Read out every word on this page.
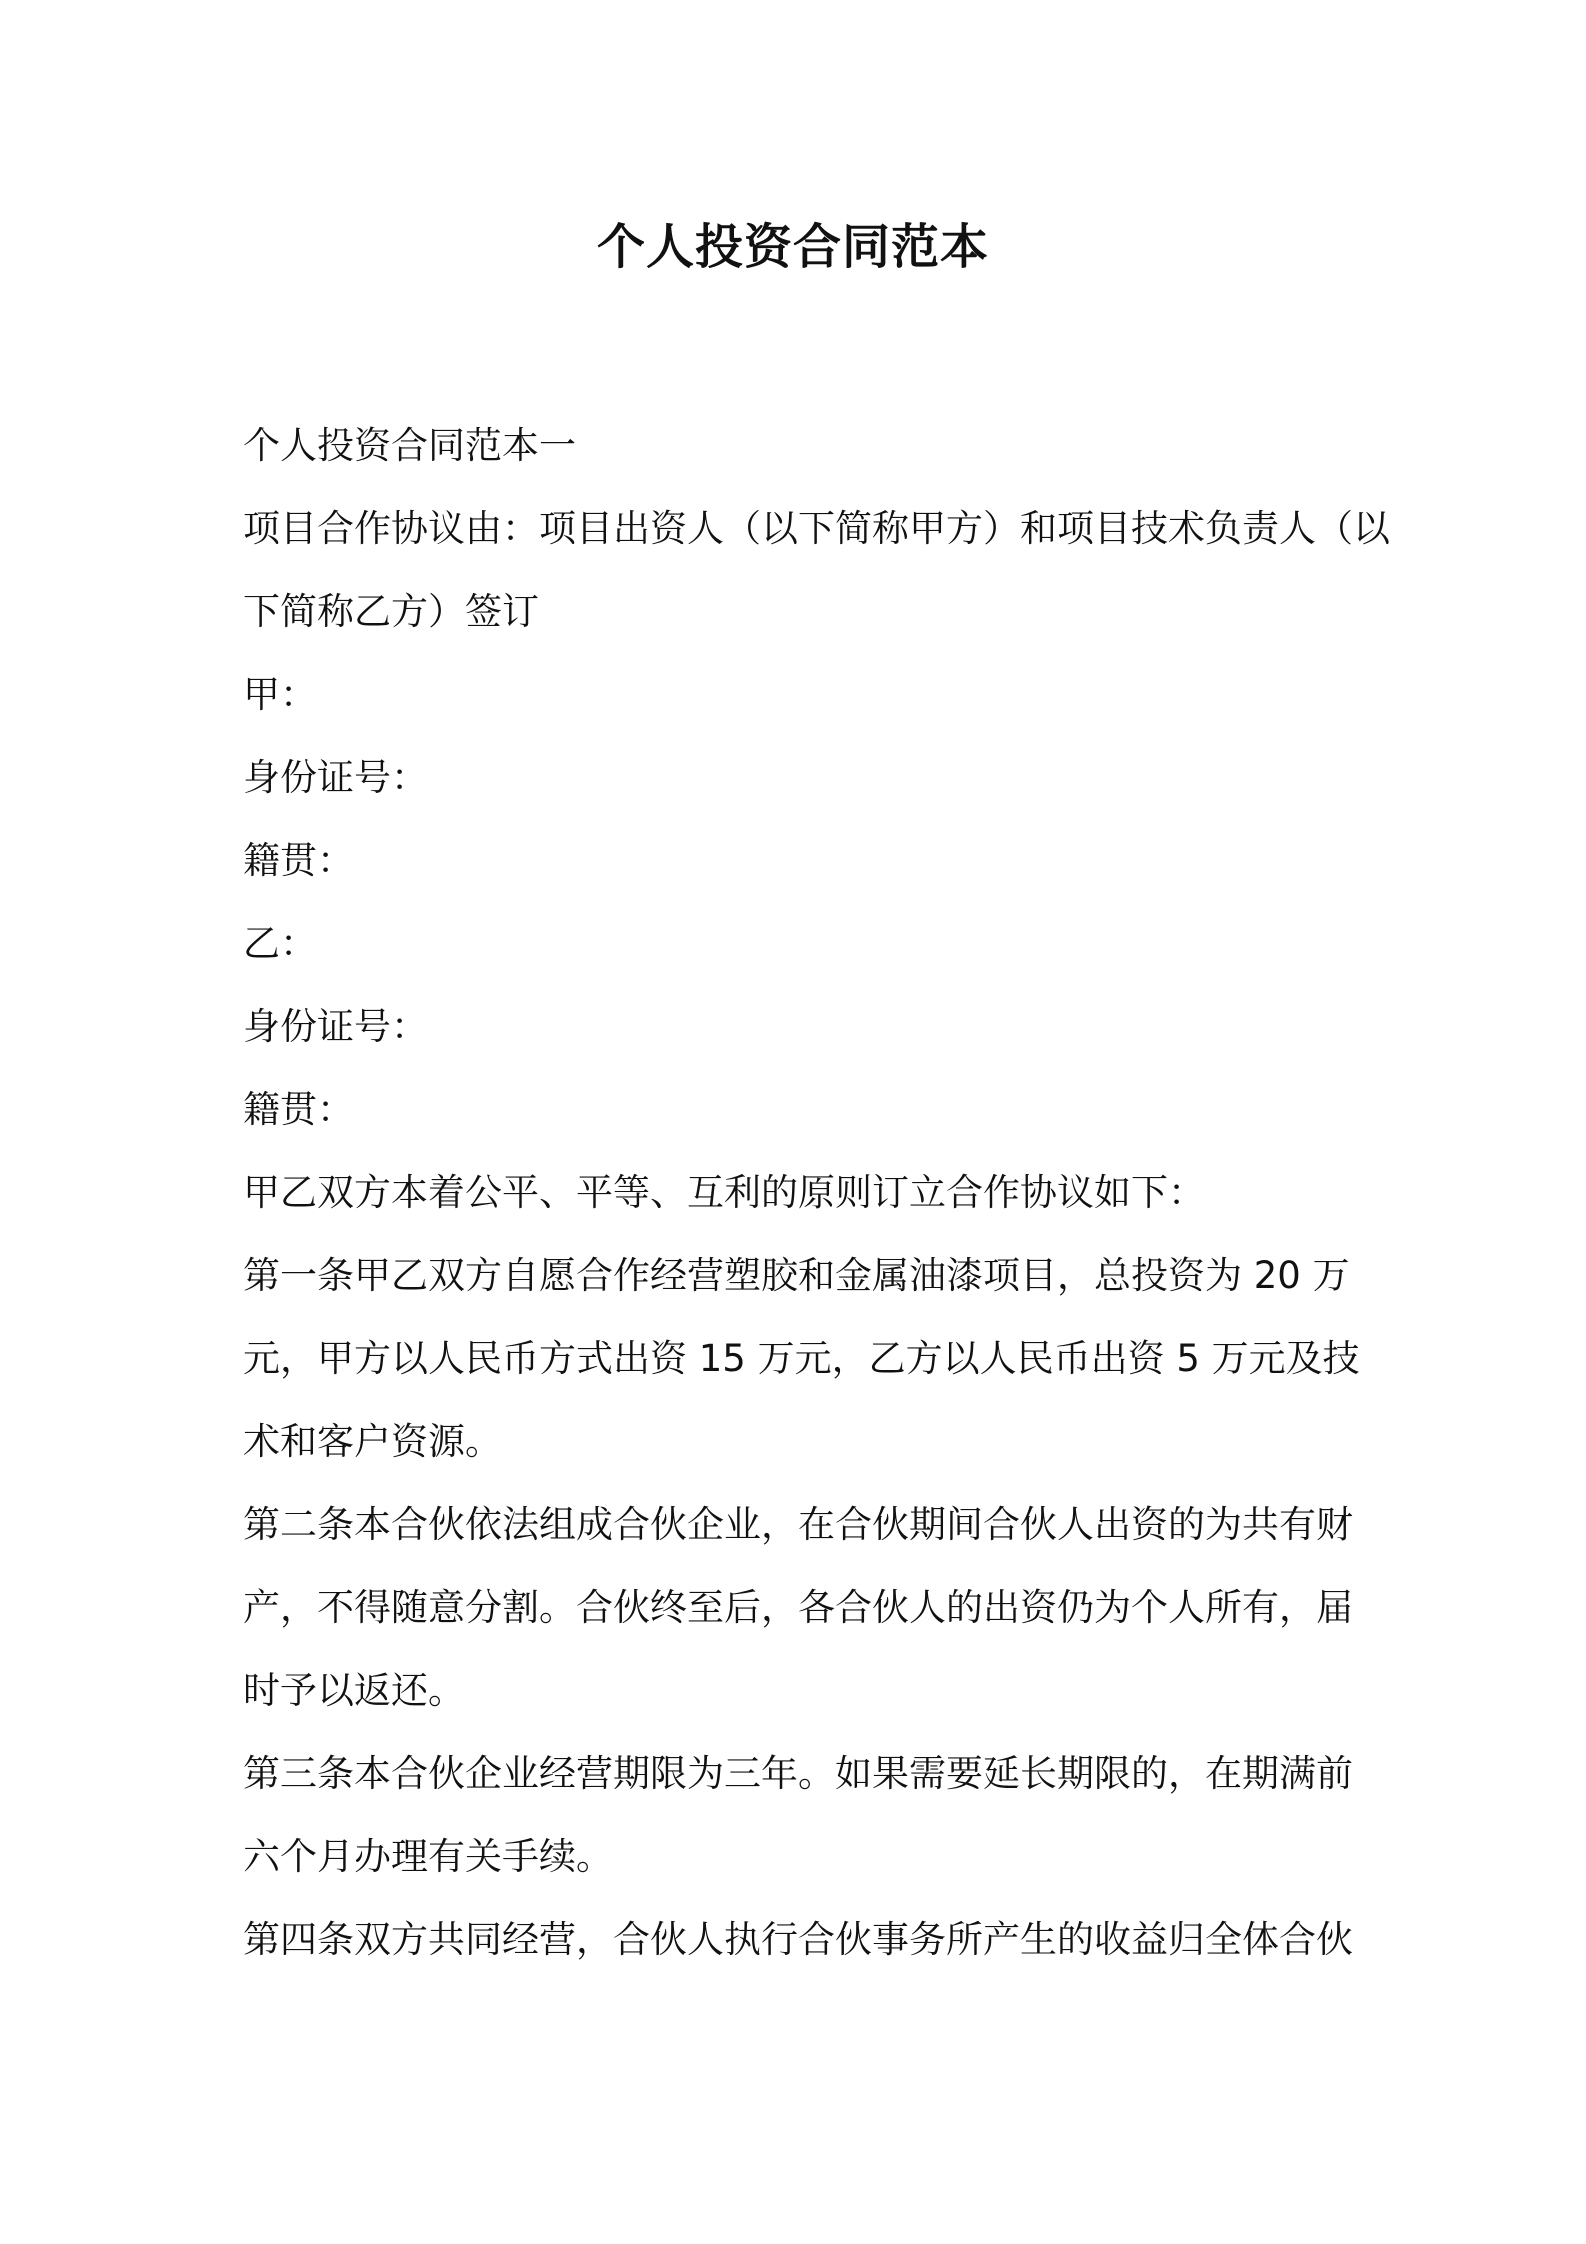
个人投资合同范本

个人投资合同范本一

项目合作协议由：项目出资人（以下简称甲方）和项目技术负责人（以

下简称乙方）签订

甲：

身份证号：

籍贯：

乙：

身份证号：

籍贯：

甲乙双方本着公平、平等、互利的原则订立合作协议如下：

第一条甲乙双方自愿合作经营塑胶和金属油漆项目，总投资为 20 万

元，甲方以人民币方式出资 15 万元，乙方以人民币出资 5 万元及技

术和客户资源。

第二条本合伙依法组成合伙企业，在合伙期间合伙人出资的为共有财

产，不得随意分割。合伙终至后，各合伙人的出资仍为个人所有，届

时予以返还。

第三条本合伙企业经营期限为三年。如果需要延长期限的，在期满前

六个月办理有关手续。

第四条双方共同经营，合伙人执行合伙事务所产生的收益归全体合伙
